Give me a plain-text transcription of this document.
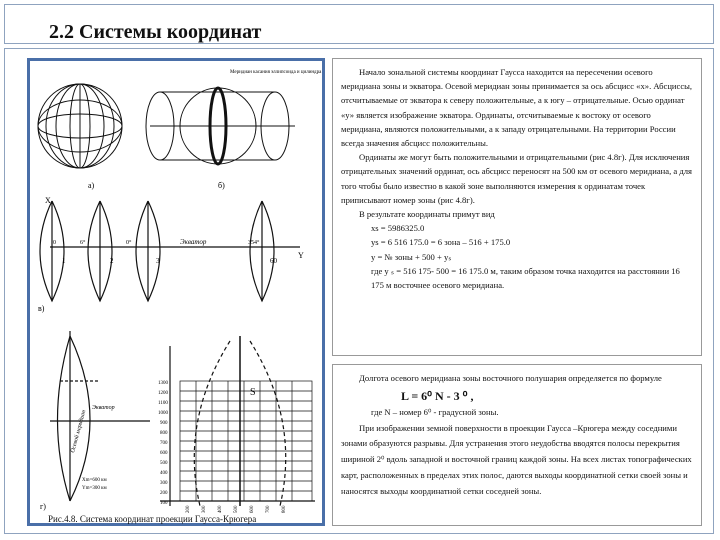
2.2 Системы координат
а)
Меридиан касания эллипсоида и цилиндра
б)
X
Y
Экватор
0	6°	0°	354°
1	2	3	60
в)
Экватор
Осевой меридиан
Xm=600 км
Ym=300 км
г)
S
1300
1200
1100
1000
900
800
700
600
500
400
300
200
100
200 300 400 500 600 700 800
Рис.4.8. Система координат проекции Гаусса-Крюгера

Начало зональной системы координат Гаусса находится на пересечении осевого меридиана зоны и экватора. Осевой меридиан зоны принимается за ось абсцисс «х». Абсциссы, отсчитываемые от экватора к северу положительные, а к югу – отрицательные. Осью ординат «у» является изображение экватора. Ординаты, отсчитываемые к востоку от осевого меридиана, являются положительными, а к западу отрицательными. На территории России всегда значения абсцисс положительны.

Ординаты же могут быть положительными и отрицательными (рис 4.8г). Для исключения отрицательных значений ординат, ось абсцисс переносят на 500 км от осевого меридиана, а для того чтобы было известно в какой зоне выполняются измерения к ординатам точек приписывают номер зоны (рис 4.8г).

В результате координаты примут вид

xs = 5986325.0

ys = 6 516 175.0 = 6 зона – 516 + 175.0

y = № зоны + 500 + yₛ

где y ₛ = 516 175- 500 = 16 175.0 м, таким образом точка находится на расстоянии 16 175 м восточнее осевого меридиана.

Долгота осевого меридиана зоны восточного полушария определяется по формуле

L = 6⁰ N - 3 ⁰ ,

где N – номер 6⁰ - градусной зоны.

При изображении земной поверхности в проекции Гаусса –Крюгера между соседними зонами образуются разрывы. Для устранения этого неудобства вводятся полосы перекрытия шириной 2⁰ вдоль западной и восточной границ каждой зоны. На всех листах топографических карт, расположенных в пределах этих полос, даются выходы координатной сетки своей зоны и наносятся выходы координатной сетки соседней зоны.
